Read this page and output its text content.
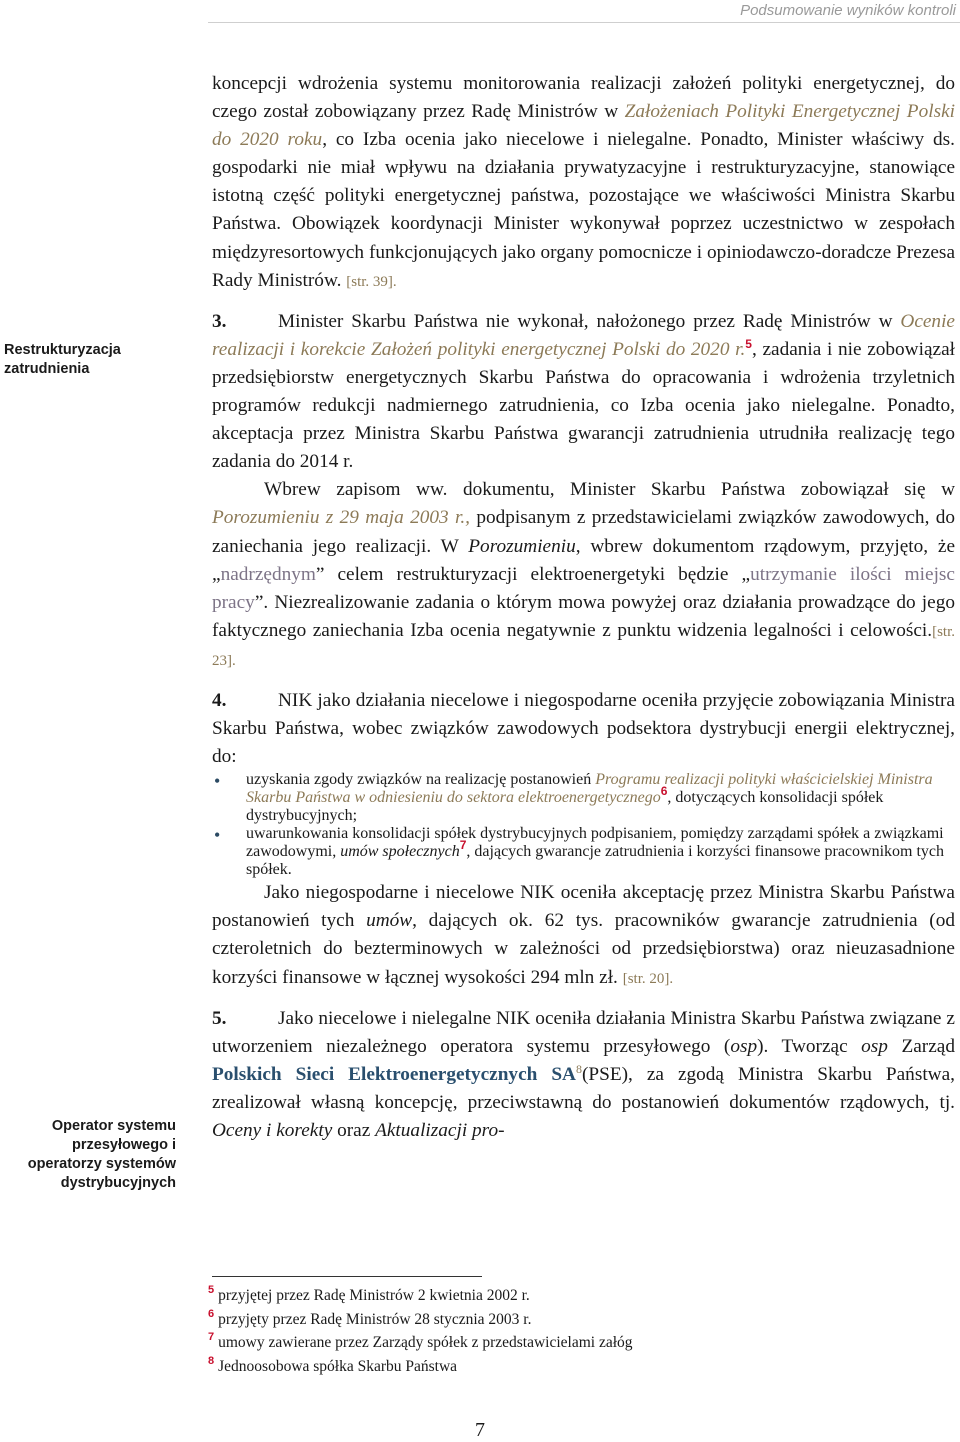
Podsumowanie wyników kontroli
Restrukturyzacja zatrudnienia
Operator systemu przesyłowego i operatorzy systemów dystrybucyjnych

koncepcji wdrożenia systemu monitorowania realizacji założeń polityki energetycznej, do czego został zobowiązany przez Radę Ministrów w Założeniach Polityki Energetycznej Polski do 2020 roku, co Izba ocenia jako niecelowe i nielegalne. Ponadto, Minister właściwy ds. gospodarki nie miał wpływu na działania prywatyzacyjne i restrukturyzacyjne, stanowiące istotną część polityki energetycznej państwa, pozostające we właściwości Ministra Skarbu Państwa. Obowiązek koordynacji Minister wykonywał poprzez uczestnictwo w zespołach międzyresortowych funkcjonujących jako organy pomocnicze i opiniodawczo-doradcze Prezesa Rady Ministrów. [str. 39].

3.	Minister Skarbu Państwa nie wykonał, nałożonego przez Radę Ministrów w Ocenie realizacji i korekcie Założeń polityki energetycznej Polski do 2020 r.$^5$, zadania i nie zobowiązał przedsiębiorstw energetycznych Skarbu Państwa do opracowania i wdrożenia trzyletnich programów redukcji nadmiernego zatrudnienia, co Izba ocenia jako nielegalne. Ponadto, akceptacja przez Ministra Skarbu Państwa gwarancji zatrudnienia utrudniła realizację tego zadania do 2014 r.

Wbrew zapisom ww. dokumentu, Minister Skarbu Państwa zobowiązał się w Porozumieniu z 29 maja 2003 r., podpisanym z przedstawicielami związków zawodowych, do zaniechania jego realizacji. W Porozumieniu, wbrew dokumentom rządowym, przyjęto, że „nadrzędnym” celem restrukturyzacji elektroenergetyki będzie „utrzymanie ilości miejsc pracy”. Niezrealizowanie zadania o którym mowa powyżej oraz działania prowadzące do jego faktycznego zaniechania Izba ocenia negatywnie z punktu widzenia legalności i celowości.[str. 23].

4.	NIK jako działania niecelowe i niegospodarne oceniła przyjęcie zobowiązania Ministra Skarbu Państwa, wobec związków zawodowych podsektora dystrybucji energii elektrycznej, do:

• uzyskania zgody związków na realizację postanowień Programu realizacji polityki właścicielskiej Ministra Skarbu Państwa w odniesieniu do sektora elektroenergetycznego$^6$, dotyczących konsolidacji spółek dystrybucyjnych;
• uwarunkowania konsolidacji spółek dystrybucyjnych podpisaniem, pomiędzy zarządami spółek a związkami zawodowymi, umów społecznych$^7$, dających gwarancje zatrudnienia i korzyści finansowe pracownikom tych spółek.

Jako niegospodarne i niecelowe NIK oceniła akceptację przez Ministra Skarbu Państwa postanowień tych umów, dających ok. 62 tys. pracowników gwarancje zatrudnienia (od czteroletnich do bezterminowych w zależności od przedsiębiorstwa) oraz nieuzasadnione korzyści finansowe w łącznej wysokości 294 mln zł. [str. 20].

5.	Jako niecelowe i nielegalne NIK oceniła działania Ministra Skarbu Państwa związane z utworzeniem niezależnego operatora systemu przesyłowego (osp). Tworząc osp Zarząd Polskich Sieci Elektroenergetycznych $SA^8(PSE)$, za zgodą Ministra Skarbu Państwa, zrealizował własną koncepcję, przeciwstawną do postanowień dokumentów rządowych, tj. Oceny i korekty oraz Aktualizacji pro-

$^5$ przyjętej przez Radę Ministrów 2 kwietnia 2002 r.

$^6$ przyjęty przez Radę Ministrów 28 stycznia 2003 r.

$^7$ umowy zawierane przez Zarządy spółek z przedstawicielami załóg

$^8$ Jednoosobowa spółka Skarbu Państwa

7
